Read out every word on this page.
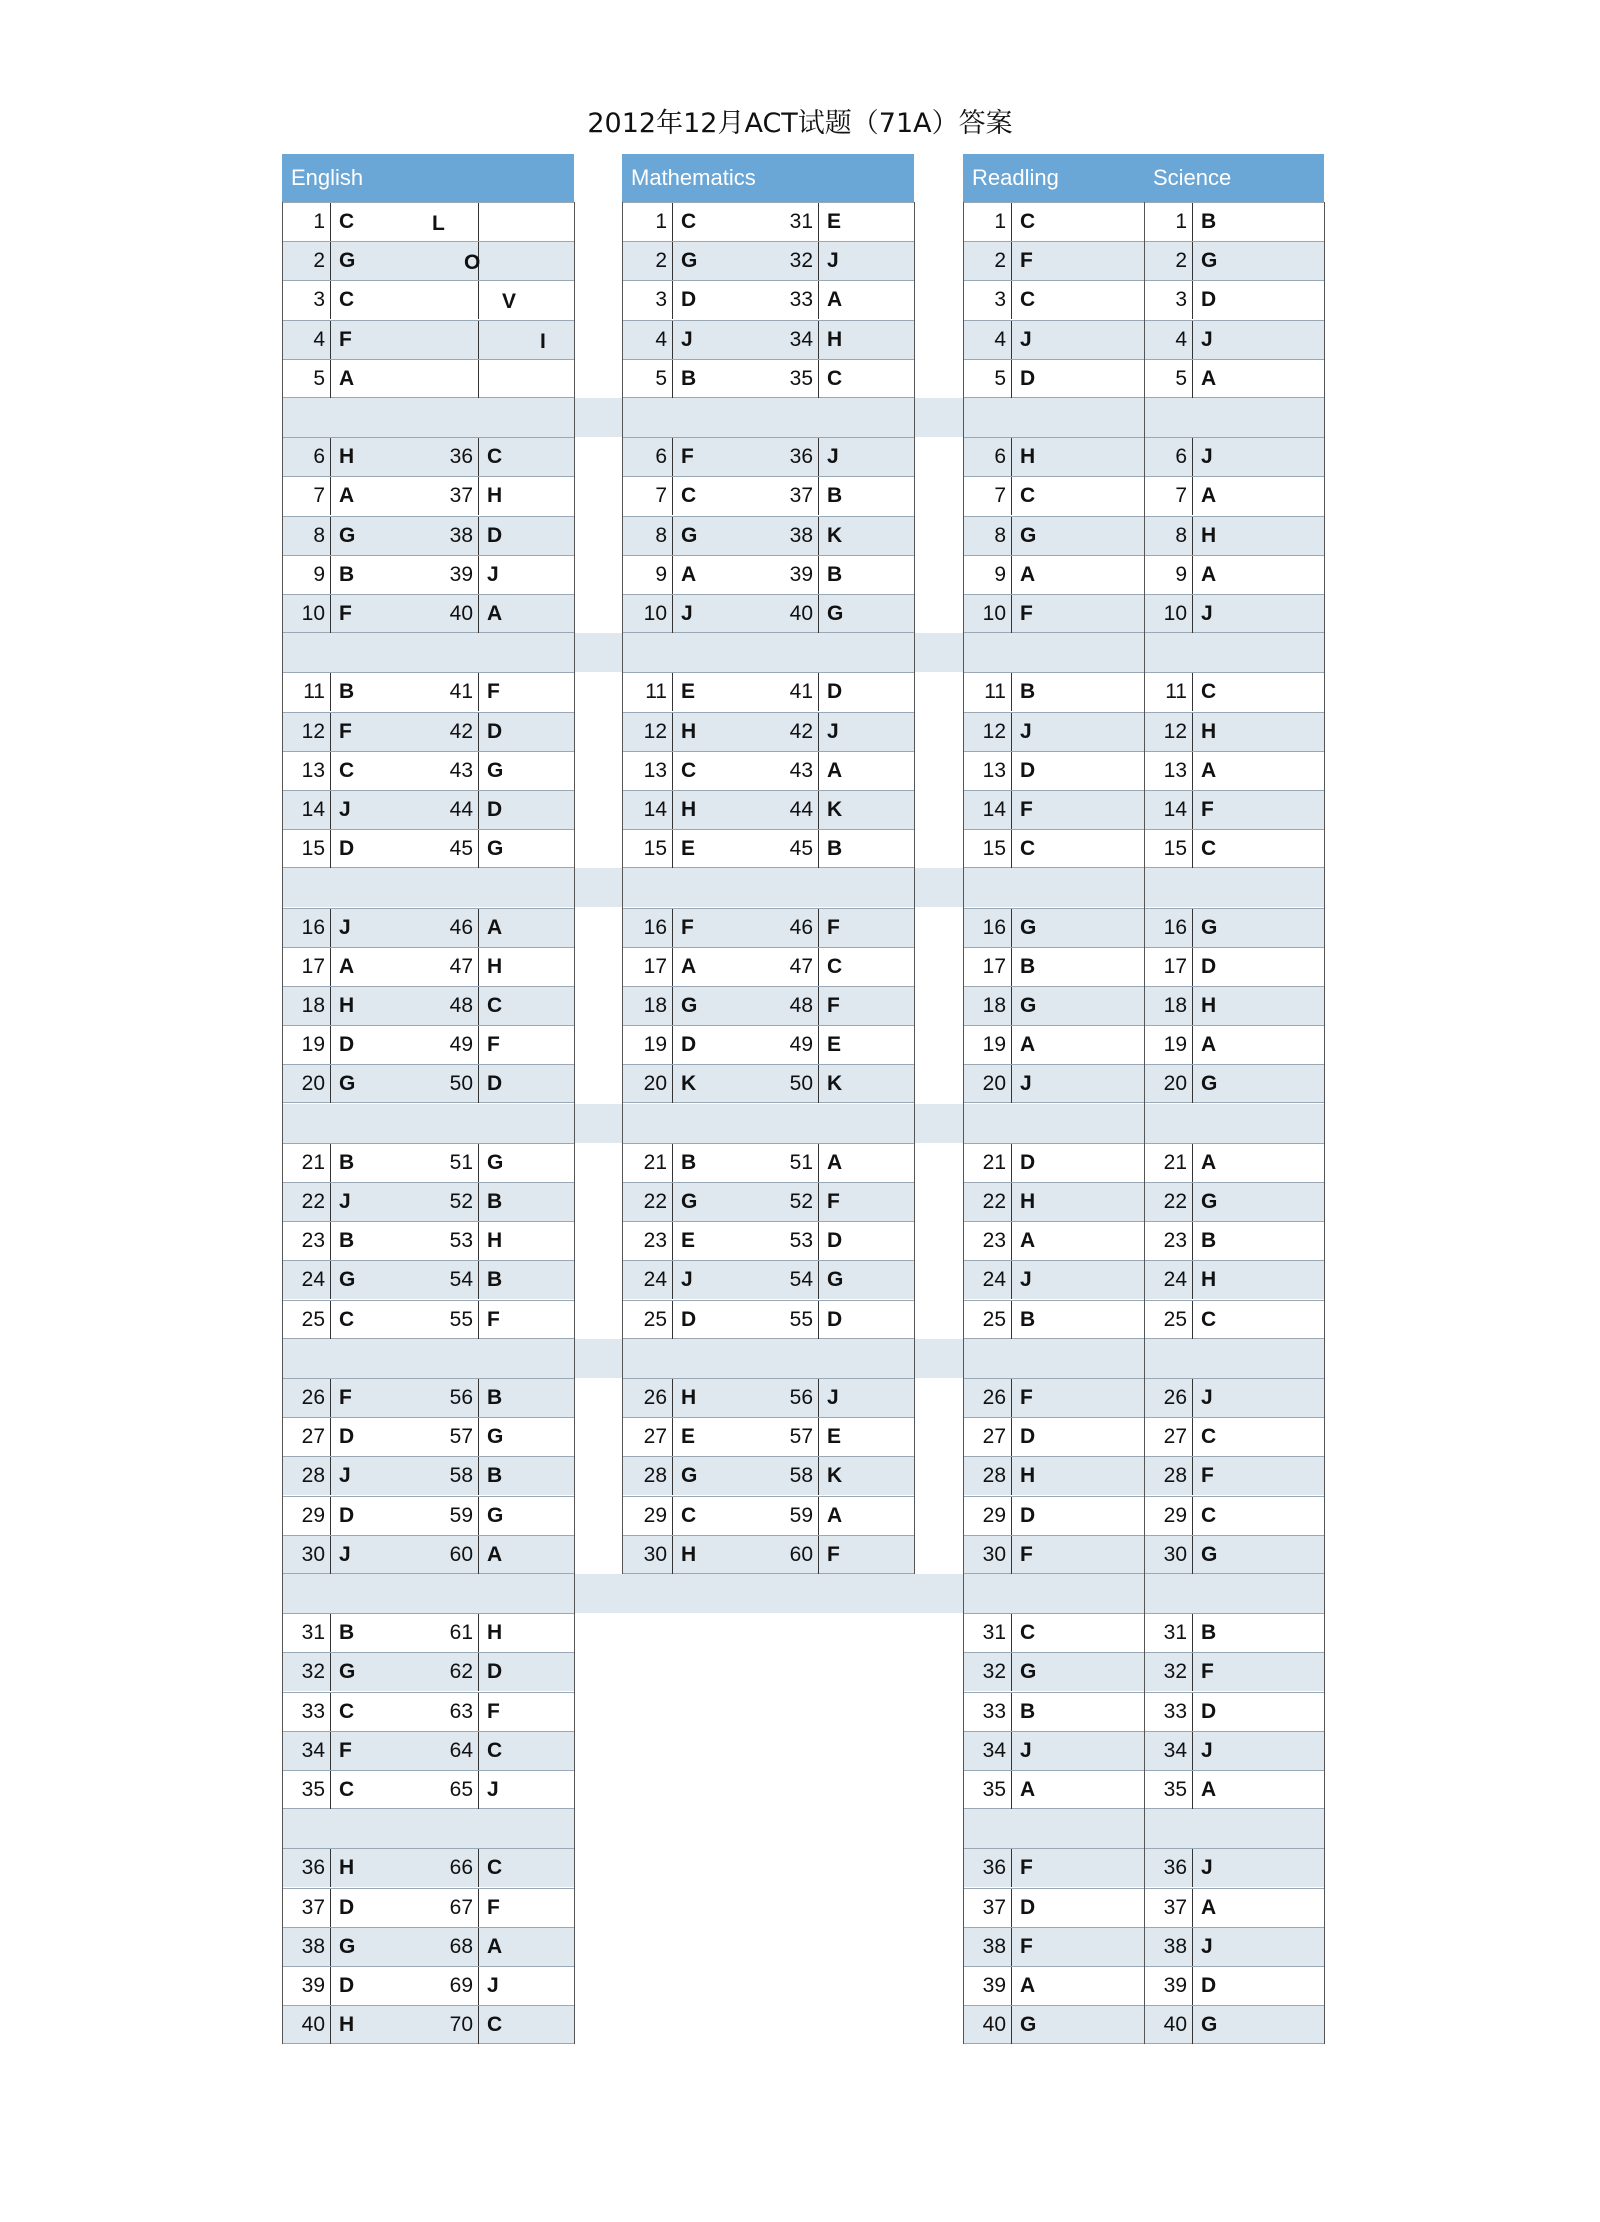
2012年12月ACT试题（71A）答案
English	Mathematics	Readling	Science
1 C
2 G
3 C
4 F
5 A
6 H	36 C
7 A	37 H
8 G	38 D
9 B	39 J
10 F	40 A
11 B	41 F
12 F	42 D
13 C	43 G
14 J	44 D
15 D	45 G
16 J	46 A
17 A	47 H
18 H	48 C
19 D	49 F
20 G	50 D
21 B	51 G
22 J	52 B
23 B	53 H
24 G	54 B
25 C	55 F
26 F	56 B
27 D	57 G
28 J	58 B
29 D	59 G
30 J	60 A
31 B	61 H
32 G	62 D
33 C	63 F
34 F	64 C
35 C	65 J
36 H	66 C
37 D	67 F
38 G	68 A
39 D	69 J
40 H	70 C
1 C	31 E
2 G	32 J
3 D	33 A
4 J	34 H
5 B	35 C
6 F	36 J
7 C	37 B
8 G	38 K
9 A	39 B
10 J	40 G
11 E	41 D
12 H	42 J
13 C	43 A
14 H	44 K
15 E	45 B
16 F	46 F
17 A	47 C
18 G	48 F
19 D	49 E
20 K	50 K
21 B	51 A
22 G	52 F
23 E	53 D
24 J	54 G
25 D	55 D
26 H	56 J
27 E	57 E
28 G	58 K
29 C	59 A
30 H	60 F
1 C
2 F
3 C
4 J
5 D
6 H
7 C
8 G
9 A
10 F
11 B
12 J
13 D
14 F
15 C
16 G
17 B
18 G
19 A
20 J
21 D
22 H
23 A
24 J
25 B
26 F
27 D
28 H
29 D
30 F
31 C
32 G
33 B
34 J
35 A
36 F
37 D
38 F
39 A
40 G
1 B
2 G
3 D
4 J
5 A
6 J
7 A
8 H
9 A
10 J
11 C
12 H
13 A
14 F
15 C
16 G
17 D
18 H
19 A
20 G
21 A
22 G
23 B
24 H
25 C
26 J
27 C
28 F
29 C
30 G
31 B
32 F
33 D
34 J
35 A
36 J
37 A
38 J
39 D
40 G
L
O
V
I
